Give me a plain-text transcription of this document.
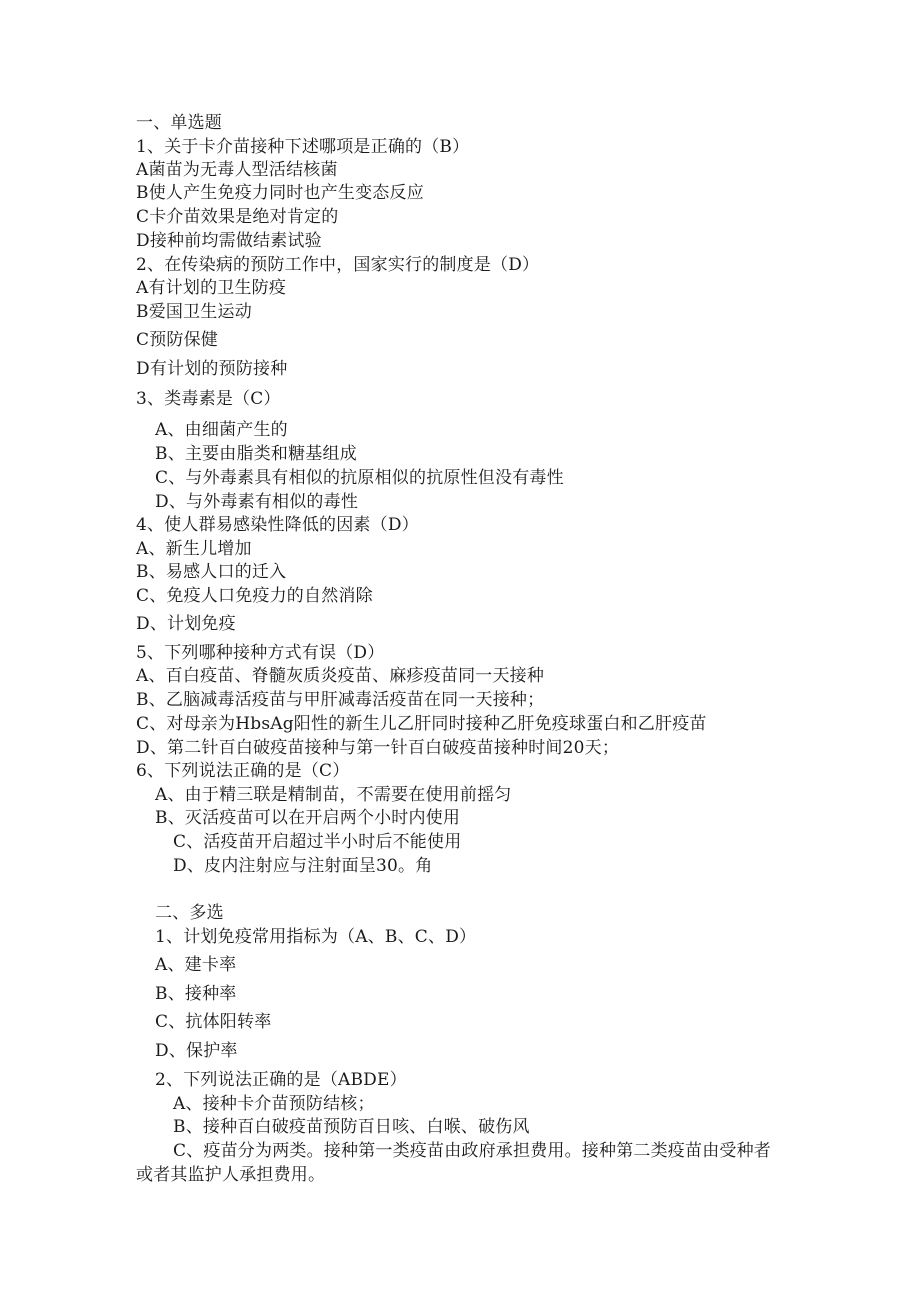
一、单选题
1、关于卡介苗接种下述哪项是正确的（B）
A菌苗为无毒人型活结核菌
B使人产生免疫力同时也产生变态反应
C卡介苗效果是绝对肯定的
D接种前均需做结素试验
2、在传染病的预防工作中，国家实行的制度是（D）
A有计划的卫生防疫
B爱国卫生运动
C预防保健
D有计划的预防接种
3、类毒素是（C）
A、由细菌产生的
B、主要由脂类和糖基组成
C、与外毒素具有相似的抗原相似的抗原性但没有毒性
D、与外毒素有相似的毒性
4、使人群易感染性降低的因素（D）
A、新生儿增加
B、易感人口的迁入
C、免疫人口免疫力的自然消除
D、计划免疫
5、下列哪种接种方式有误（D）
A、百白疫苗、脊髓灰质炎疫苗、麻疹疫苗同一天接种
B、乙脑减毒活疫苗与甲肝减毒活疫苗在同一天接种；
C、对母亲为HbsAg阳性的新生儿乙肝同时接种乙肝免疫球蛋白和乙肝疫苗
D、第二针百白破疫苗接种与第一针百白破疫苗接种时间20天；
6、下列说法正确的是（C）
A、由于精三联是精制苗，不需要在使用前摇匀
B、灭活疫苗可以在开启两个小时内使用
C、活疫苗开启超过半小时后不能使用
D、皮内注射应与注射面呈30。角
二、多选
1、计划免疫常用指标为（A、B、C、D）
A、建卡率
B、接种率
C、抗体阳转率
D、保护率
2、下列说法正确的是（ABDE）
A、接种卡介苗预防结核；
B、接种百白破疫苗预防百日咳、白喉、破伤风
C、疫苗分为两类。接种第一类疫苗由政府承担费用。接种第二类疫苗由受种者或者其监护人承担费用。
